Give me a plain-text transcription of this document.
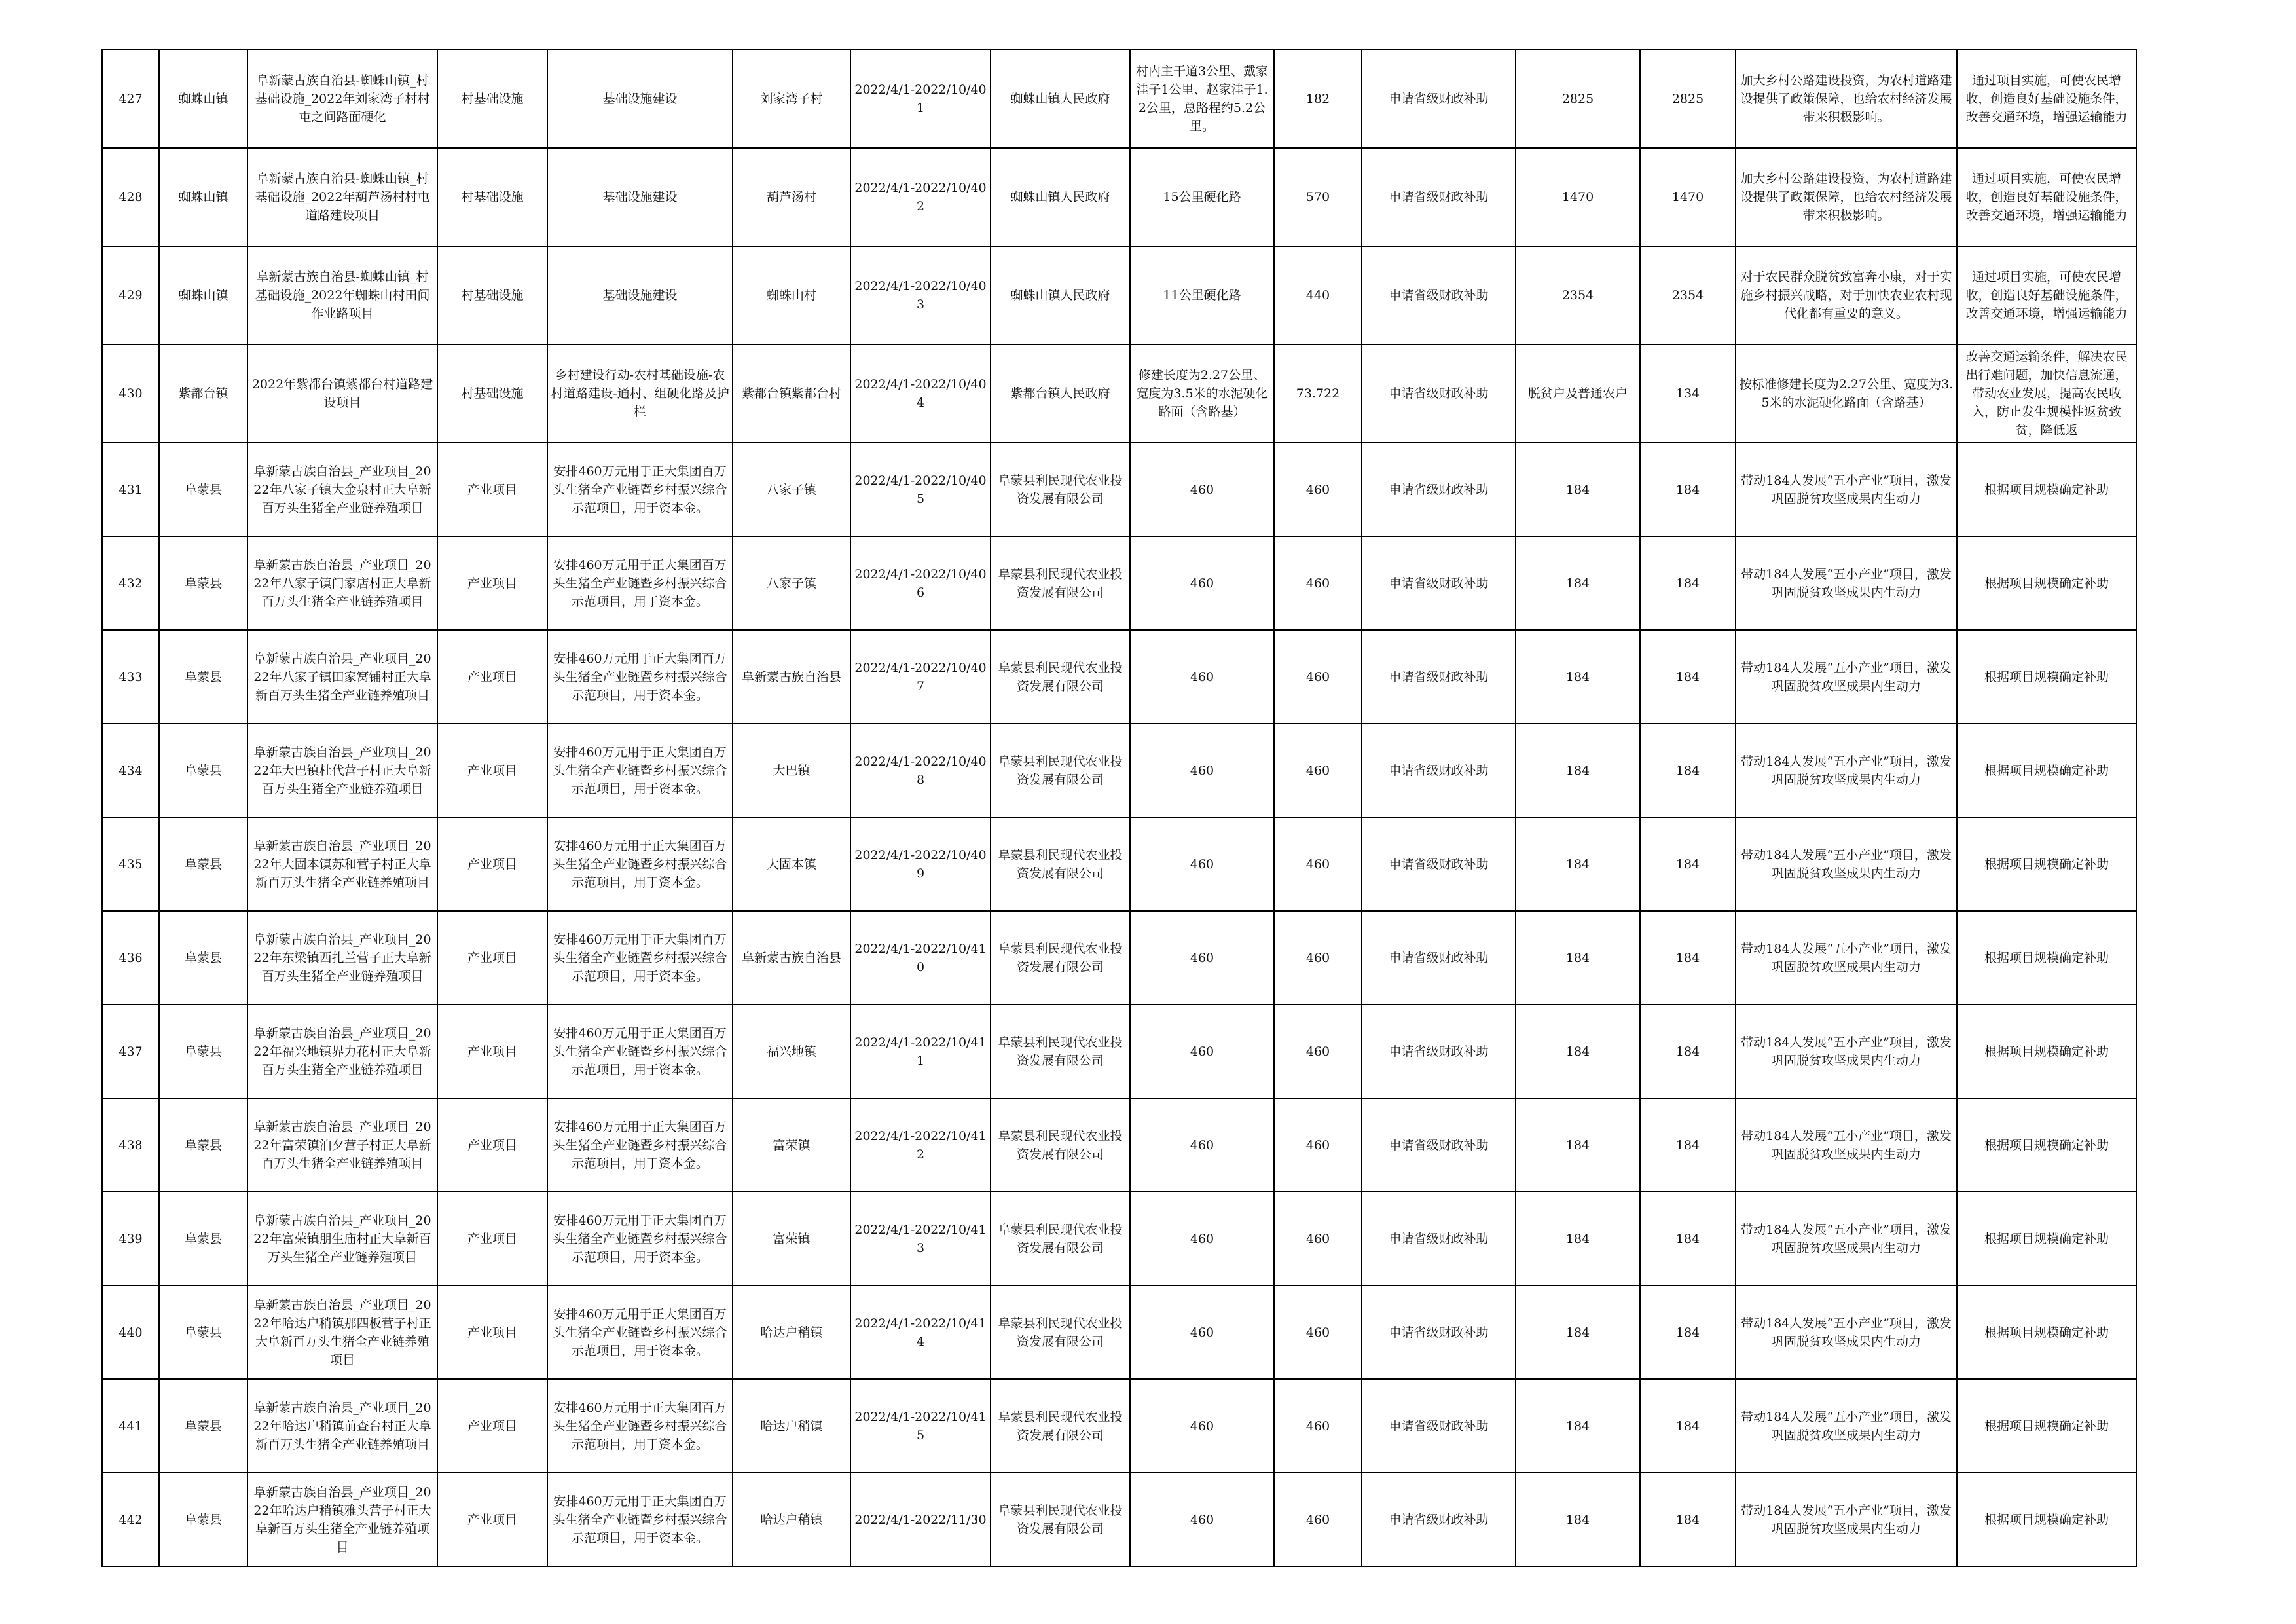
427	蜘蛛山镇	阜新蒙古族自治县-蜘蛛山镇_村基础设施_2022年刘家湾子村村屯之间路面硬化	村基础设施	基础设施建设	刘家湾子村	2022/4/1-2022/10/401	蜘蛛山镇人民政府	村内主干道3公里、戴家洼子1公里、赵家洼子1.2公里，总路程约5.2公里。	182	申请省级财政补助	2825	2825	加大乡村公路建设投资，为农村道路建设提供了政策保障，也给农村经济发展带来积极影响。	通过项目实施，可使农民增收，创造良好基础设施条件，改善交通环境，增强运输能力
428	蜘蛛山镇	阜新蒙古族自治县-蜘蛛山镇_村基础设施_2022年葫芦汤村村屯道路建设项目	村基础设施	基础设施建设	葫芦汤村	2022/4/1-2022/10/402	蜘蛛山镇人民政府	15公里硬化路	570	申请省级财政补助	1470	1470	加大乡村公路建设投资，为农村道路建设提供了政策保障，也给农村经济发展带来积极影响。	通过项目实施，可使农民增收，创造良好基础设施条件，改善交通环境，增强运输能力
429	蜘蛛山镇	阜新蒙古族自治县-蜘蛛山镇_村基础设施_2022年蜘蛛山村田间作业路项目	村基础设施	基础设施建设	蜘蛛山村	2022/4/1-2022/10/403	蜘蛛山镇人民政府	11公里硬化路	440	申请省级财政补助	2354	2354	对于农民群众脱贫致富奔小康，对于实施乡村振兴战略，对于加快农业农村现代化都有重要的意义。	通过项目实施，可使农民增收，创造良好基础设施条件，改善交通环境，增强运输能力
430	紫都台镇	2022年紫都台镇紫都台村道路建设项目	村基础设施	乡村建设行动-农村基础设施-农村道路建设-通村、组硬化路及护栏	紫都台镇紫都台村	2022/4/1-2022/10/404	紫都台镇人民政府	修建长度为2.27公里、宽度为3.5米的水泥硬化路面（含路基）	73.722	申请省级财政补助	脱贫户及普通农户	134	按标准修建长度为2.27公里、宽度为3.5米的水泥硬化路面（含路基）	改善交通运输条件，解决农民出行难问题，加快信息流通，带动农业发展，提高农民收入，防止发生规模性返贫致贫，降低返
431	阜蒙县	阜新蒙古族自治县_产业项目_2022年八家子镇大金泉村正大阜新百万头生猪全产业链养殖项目	产业项目	安排460万元用于正大集团百万头生猪全产业链暨乡村振兴综合示范项目，用于资本金。	八家子镇	2022/4/1-2022/10/405	阜蒙县利民现代农业投资发展有限公司	460	460	申请省级财政补助	184	184	带动184人发展“五小产业”项目，激发巩固脱贫攻坚成果内生动力	根据项目规模确定补助
432	阜蒙县	阜新蒙古族自治县_产业项目_2022年八家子镇门家店村正大阜新百万头生猪全产业链养殖项目	产业项目	安排460万元用于正大集团百万头生猪全产业链暨乡村振兴综合示范项目，用于资本金。	八家子镇	2022/4/1-2022/10/406	阜蒙县利民现代农业投资发展有限公司	460	460	申请省级财政补助	184	184	带动184人发展“五小产业”项目，激发巩固脱贫攻坚成果内生动力	根据项目规模确定补助
433	阜蒙县	阜新蒙古族自治县_产业项目_2022年八家子镇田家窝铺村正大阜新百万头生猪全产业链养殖项目	产业项目	安排460万元用于正大集团百万头生猪全产业链暨乡村振兴综合示范项目，用于资本金。	阜新蒙古族自治县	2022/4/1-2022/10/407	阜蒙县利民现代农业投资发展有限公司	460	460	申请省级财政补助	184	184	带动184人发展“五小产业”项目，激发巩固脱贫攻坚成果内生动力	根据项目规模确定补助
434	阜蒙县	阜新蒙古族自治县_产业项目_2022年大巴镇杜代营子村正大阜新百万头生猪全产业链养殖项目	产业项目	安排460万元用于正大集团百万头生猪全产业链暨乡村振兴综合示范项目，用于资本金。	大巴镇	2022/4/1-2022/10/408	阜蒙县利民现代农业投资发展有限公司	460	460	申请省级财政补助	184	184	带动184人发展“五小产业”项目，激发巩固脱贫攻坚成果内生动力	根据项目规模确定补助
435	阜蒙县	阜新蒙古族自治县_产业项目_2022年大固本镇苏和营子村正大阜新百万头生猪全产业链养殖项目	产业项目	安排460万元用于正大集团百万头生猪全产业链暨乡村振兴综合示范项目，用于资本金。	大固本镇	2022/4/1-2022/10/409	阜蒙县利民现代农业投资发展有限公司	460	460	申请省级财政补助	184	184	带动184人发展“五小产业”项目，激发巩固脱贫攻坚成果内生动力	根据项目规模确定补助
436	阜蒙县	阜新蒙古族自治县_产业项目_2022年东梁镇西扎兰营子正大阜新百万头生猪全产业链养殖项目	产业项目	安排460万元用于正大集团百万头生猪全产业链暨乡村振兴综合示范项目，用于资本金。	阜新蒙古族自治县	2022/4/1-2022/10/410	阜蒙县利民现代农业投资发展有限公司	460	460	申请省级财政补助	184	184	带动184人发展“五小产业”项目，激发巩固脱贫攻坚成果内生动力	根据项目规模确定补助
437	阜蒙县	阜新蒙古族自治县_产业项目_2022年福兴地镇界力花村正大阜新百万头生猪全产业链养殖项目	产业项目	安排460万元用于正大集团百万头生猪全产业链暨乡村振兴综合示范项目，用于资本金。	福兴地镇	2022/4/1-2022/10/411	阜蒙县利民现代农业投资发展有限公司	460	460	申请省级财政补助	184	184	带动184人发展“五小产业”项目，激发巩固脱贫攻坚成果内生动力	根据项目规模确定补助
438	阜蒙县	阜新蒙古族自治县_产业项目_2022年富荣镇泊夕营子村正大阜新百万头生猪全产业链养殖项目	产业项目	安排460万元用于正大集团百万头生猪全产业链暨乡村振兴综合示范项目，用于资本金。	富荣镇	2022/4/1-2022/10/412	阜蒙县利民现代农业投资发展有限公司	460	460	申请省级财政补助	184	184	带动184人发展“五小产业”项目，激发巩固脱贫攻坚成果内生动力	根据项目规模确定补助
439	阜蒙县	阜新蒙古族自治县_产业项目_2022年富荣镇朋生庙村正大阜新百万头生猪全产业链养殖项目	产业项目	安排460万元用于正大集团百万头生猪全产业链暨乡村振兴综合示范项目，用于资本金。	富荣镇	2022/4/1-2022/10/413	阜蒙县利民现代农业投资发展有限公司	460	460	申请省级财政补助	184	184	带动184人发展“五小产业”项目，激发巩固脱贫攻坚成果内生动力	根据项目规模确定补助
440	阜蒙县	阜新蒙古族自治县_产业项目_2022年哈达户稍镇那四板营子村正大阜新百万头生猪全产业链养殖项目	产业项目	安排460万元用于正大集团百万头生猪全产业链暨乡村振兴综合示范项目，用于资本金。	哈达户稍镇	2022/4/1-2022/10/414	阜蒙县利民现代农业投资发展有限公司	460	460	申请省级财政补助	184	184	带动184人发展“五小产业”项目，激发巩固脱贫攻坚成果内生动力	根据项目规模确定补助
441	阜蒙县	阜新蒙古族自治县_产业项目_2022年哈达户稍镇前查台村正大阜新百万头生猪全产业链养殖项目	产业项目	安排460万元用于正大集团百万头生猪全产业链暨乡村振兴综合示范项目，用于资本金。	哈达户稍镇	2022/4/1-2022/10/415	阜蒙县利民现代农业投资发展有限公司	460	460	申请省级财政补助	184	184	带动184人发展“五小产业”项目，激发巩固脱贫攻坚成果内生动力	根据项目规模确定补助
442	阜蒙县	阜新蒙古族自治县_产业项目_2022年哈达户稍镇雅头营子村正大阜新百万头生猪全产业链养殖项目	产业项目	安排460万元用于正大集团百万头生猪全产业链暨乡村振兴综合示范项目，用于资本金。	哈达户稍镇	2022/4/1-2022/11/30	阜蒙县利民现代农业投资发展有限公司	460	460	申请省级财政补助	184	184	带动184人发展“五小产业”项目，激发巩固脱贫攻坚成果内生动力	根据项目规模确定补助
